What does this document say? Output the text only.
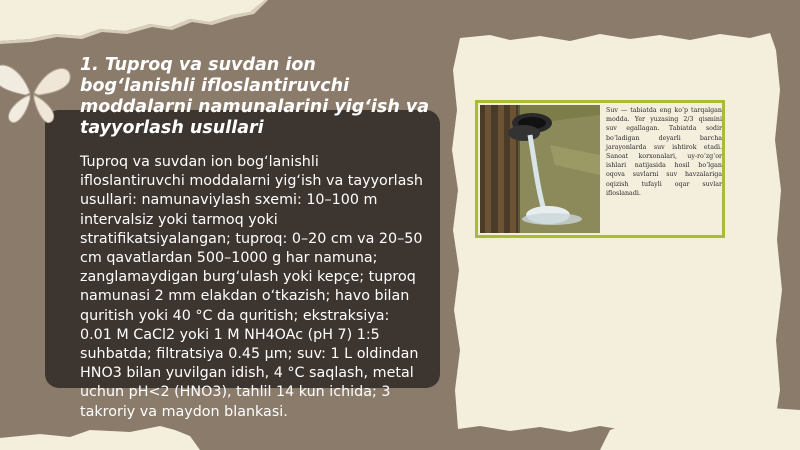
1. Tuproq va suvdan ion bog‘lanishli ifloslantiruvchi moddalarni namunalarini yig‘ish va tayyorlash usullari

Tuproq va suvdan ion bog‘lanishli ifloslantiruvchi moddalarni yig‘ish va tayyorlash usullari: namunaviylash sxemi: 10–100 m intervalsiz yoki tarmoq yoki stratifikatsiyalangan; tuproq: 0–20 cm va 20–50 cm qavatlardan 500–1000 g har namuna; zanglamaydigan burg‘ulash yoki kepçe; tuproq namunasi 2 mm elakdan o‘tkazish; havo bilan quritish yoki 40 °C da quritish; ekstraksiya: 0.01 M CaCl2 yoki 1 M NH4OAc (pH 7) 1:5 suhbatda; filtratsiya 0.45 µm; suv: 1 L oldindan HNO3 bilan yuvilgan idish, 4 °C saqlash, metal uchun pH<2 (HNO3), tahlil 14 kun ichida; 3 takroriy va maydon blankasi.

Suv — tabiatda eng ko‘p tarqalgan modda. Yer yuzasing 2/3 qismini suv egallagan. Tabiatda sodir bo‘ladigan deyarli barcha jarayonlarda suv ishtirok etadi. Sanoat korxonalari, uy-ro‘zg‘or ishlari natijasida hosil bo‘lgan oqova suvlarni suv havzalariga oqizish tufayli oqar suvlar ifloslanadi.
